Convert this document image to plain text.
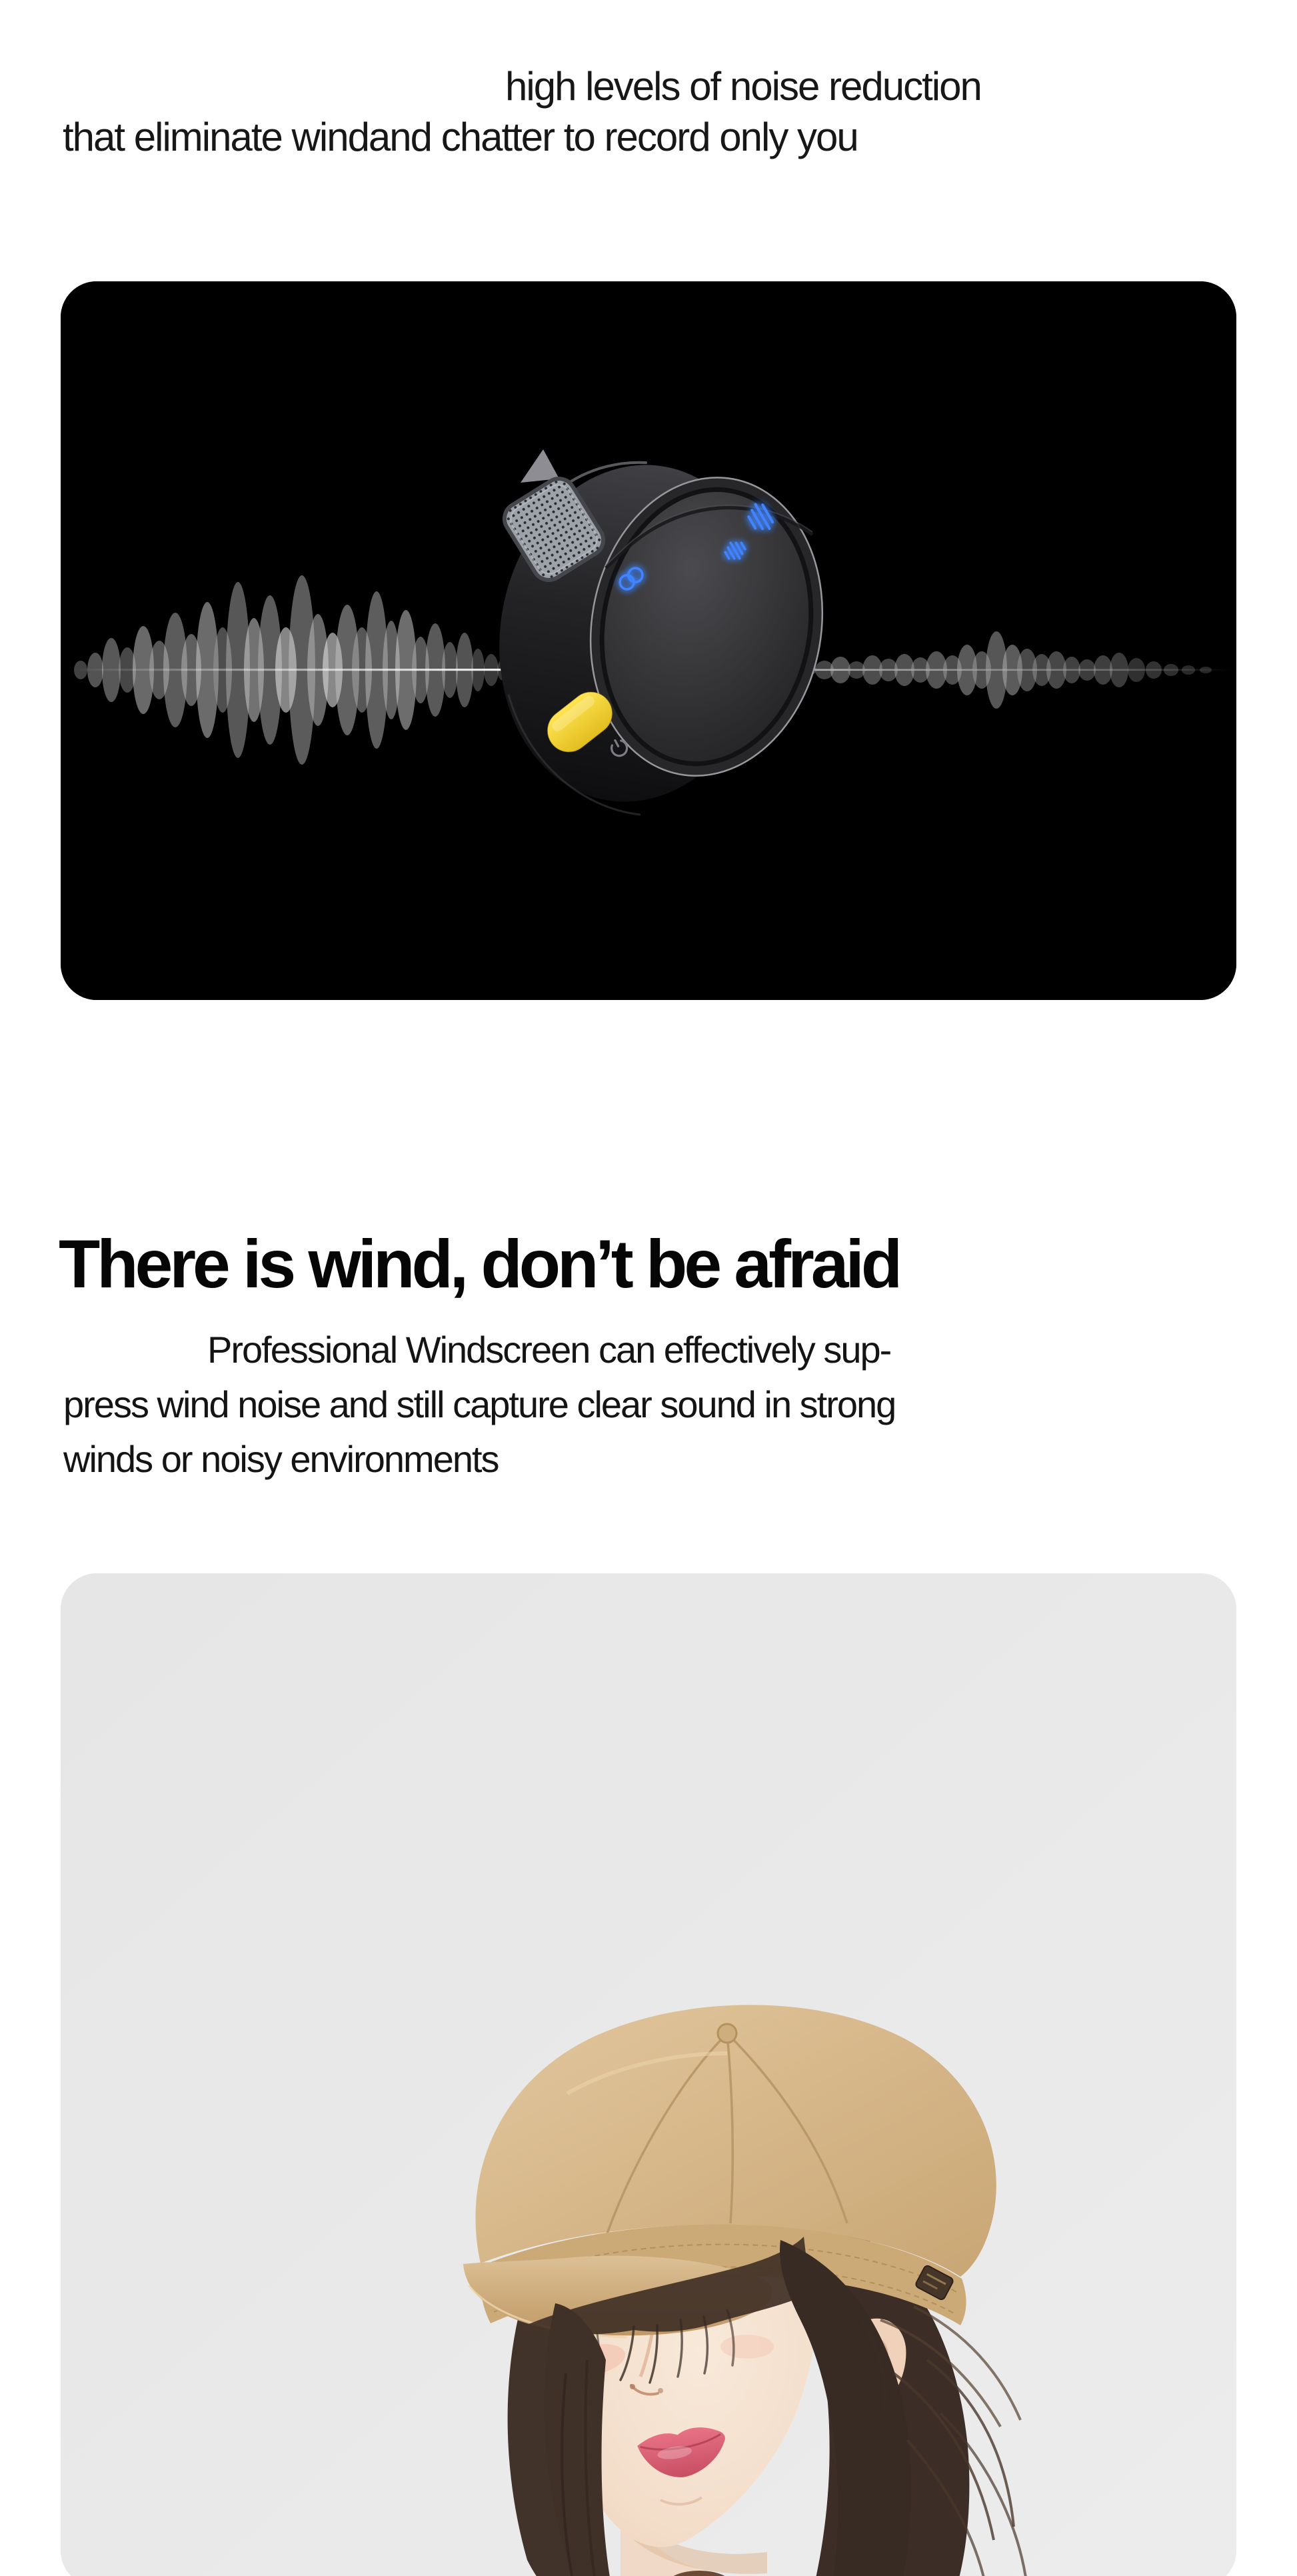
high levels of noise reduction
that eliminate windand chatter to record only you

There is wind, don’t be afraid

Professional Windscreen can effectively sup-
press wind noise and still capture clear sound in strong
winds or noisy environments
